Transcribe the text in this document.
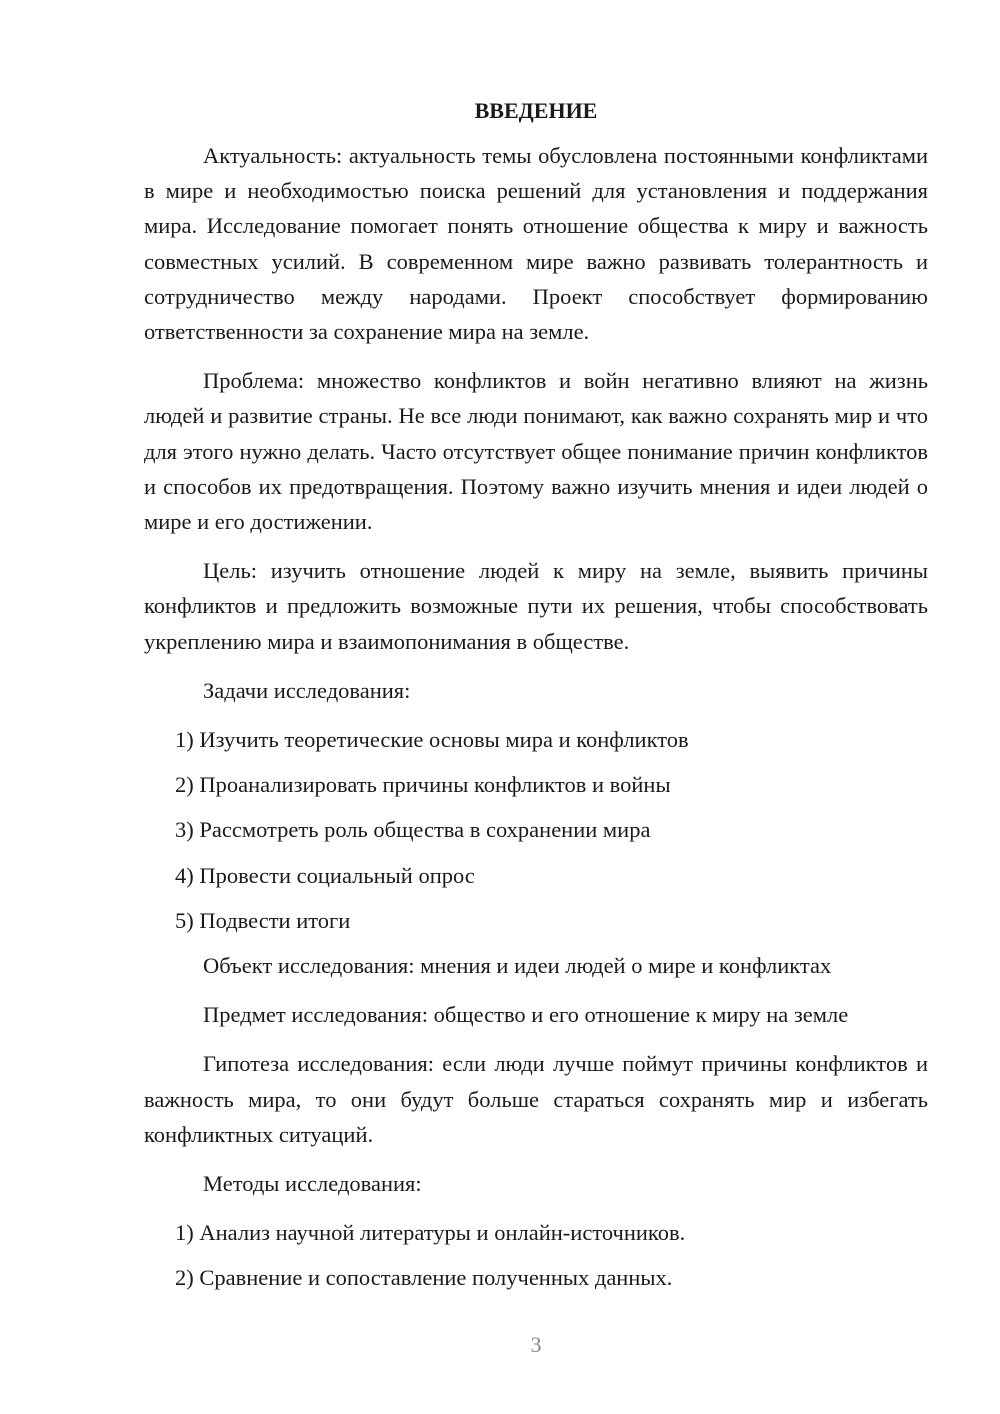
ВВЕДЕНИЕ

Актуальность: актуальность темы обусловлена постоянными конфликтами в мире и необходимостью поиска решений для установления и поддержания мира. Исследование помогает понять отношение общества к миру и важность совместных усилий. В современном мире важно развивать толерантность и сотрудничество между народами. Проект способствует формированию ответственности за сохранение мира на земле.

Проблема: множество конфликтов и войн негативно влияют на жизнь людей и развитие страны. Не все люди понимают, как важно сохранять мир и что для этого нужно делать. Часто отсутствует общее понимание причин конфликтов и способов их предотвращения. Поэтому важно изучить мнения и идеи людей о мире и его достижении.

Цель: изучить отношение людей к миру на земле, выявить причины конфликтов и предложить возможные пути их решения, чтобы способствовать укреплению мира и взаимопонимания в обществе.

Задачи исследования:

1) Изучить теоретические основы мира и конфликтов

2) Проанализировать причины конфликтов и войны

3) Рассмотреть роль общества в сохранении мира

4) Провести социальный опрос

5) Подвести итоги

Объект исследования: мнения и идеи людей о мире и конфликтах

Предмет исследования: общество и его отношение к миру на земле

Гипотеза исследования: если люди лучше поймут причины конфликтов и важность мира, то они будут больше стараться сохранять мир и избегать конфликтных ситуаций.

Методы исследования:

1) Анализ научной литературы и онлайн-источников.

2) Сравнение и сопоставление полученных данных.

3
